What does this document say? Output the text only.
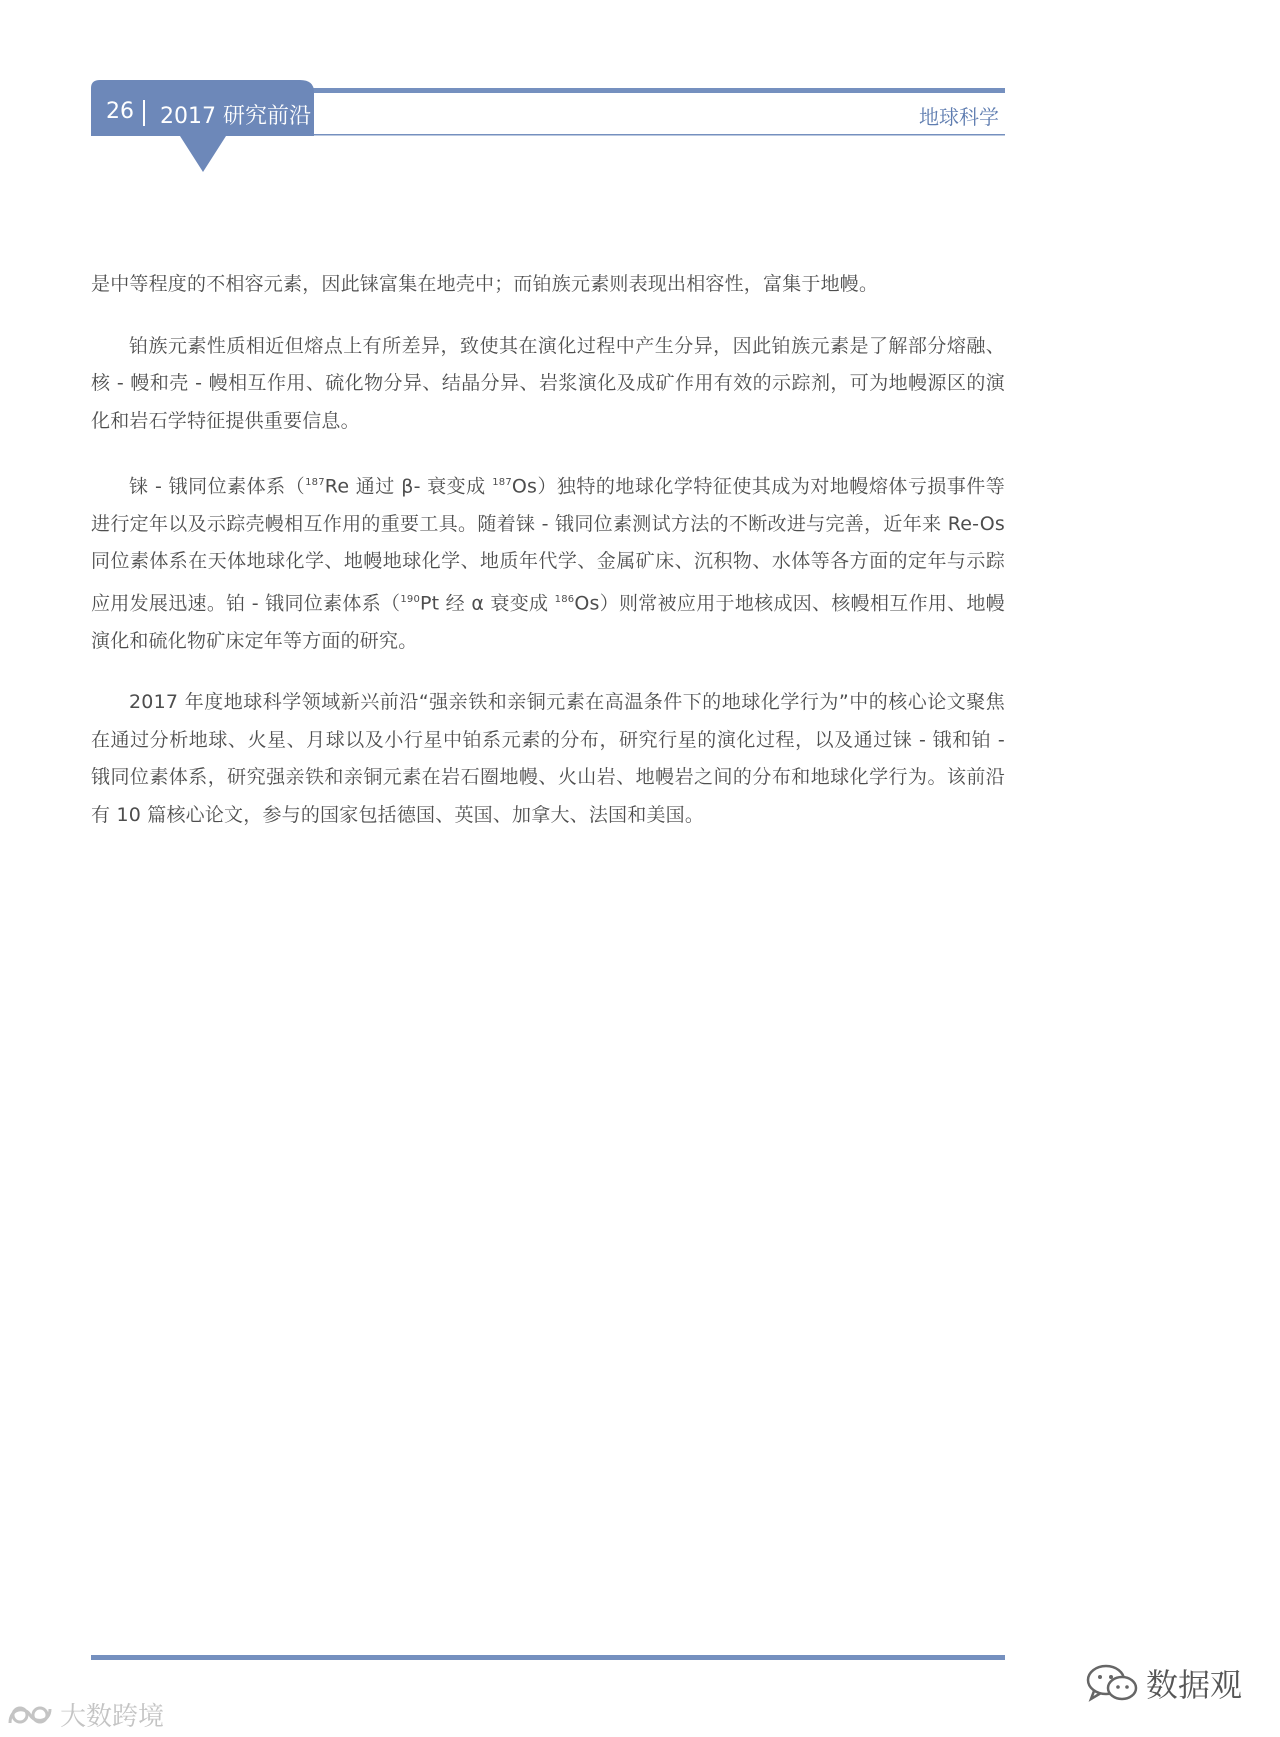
26 2017 研究前沿	地球科学

是中等程度的不相容元素，因此铼富集在地壳中；而铂族元素则表现出相容性，富集于地幔。

铂族元素性质相近但熔点上有所差异，致使其在演化过程中产生分异，因此铂族元素是了解部分熔融、核 - 幔和壳 - 幔相互作用、硫化物分异、结晶分异、岩浆演化及成矿作用有效的示踪剂，可为地幔源区的演化和岩石学特征提供重要信息。

铼 - 锇同位素体系（$^{187}$Re 通过 β- 衰变成 $^{187}$Os）独特的地球化学特征使其成为对地幔熔体亏损事件等进行定年以及示踪壳幔相互作用的重要工具。随着铼 - 锇同位素测试方法的不断改进与完善，近年来 Re-Os 同位素体系在天体地球化学、地幔地球化学、地质年代学、金属矿床、沉积物、水体等各方面的定年与示踪应用发展迅速。铂 - 锇同位素体系（$^{190}$Pt 经 α 衰变成 $^{186}$Os）则常被应用于地核成因、核幔相互作用、地幔演化和硫化物矿床定年等方面的研究。

2017 年度地球科学领域新兴前沿“强亲铁和亲铜元素在高温条件下的地球化学行为”中的核心论文聚焦在通过分析地球、火星、月球以及小行星中铂系元素的分布，研究行星的演化过程，以及通过铼 - 锇和铂 - 锇同位素体系，研究强亲铁和亲铜元素在岩石圈地幔、火山岩、地幔岩之间的分布和地球化学行为。该前沿有 10 篇核心论文，参与的国家包括德国、英国、加拿大、法国和美国。

大数跨境
数据观
